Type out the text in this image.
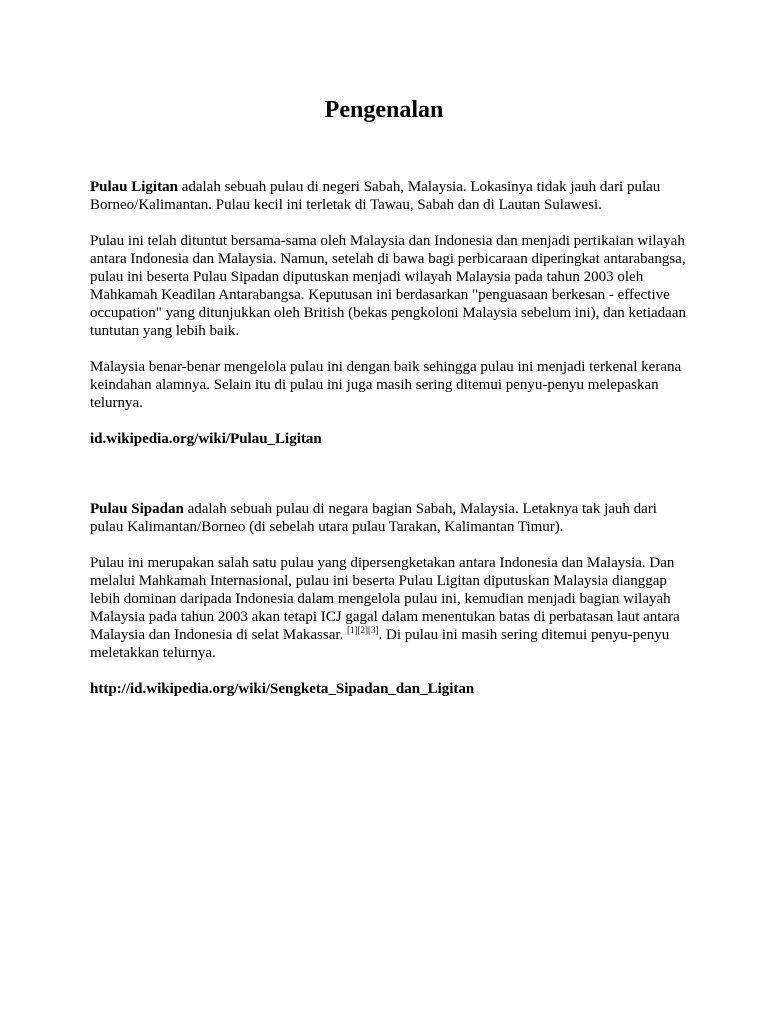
Pengenalan

Pulau Ligitan adalah sebuah pulau di negeri Sabah, Malaysia. Lokasinya tidak jauh dari pulau Borneo/Kalimantan. Pulau kecil ini terletak di Tawau, Sabah dan di Lautan Sulawesi.

Pulau ini telah dituntut bersama-sama oleh Malaysia dan Indonesia dan menjadi pertikaian wilayah antara Indonesia dan Malaysia. Namun, setelah di bawa bagi perbicaraan diperingkat antarabangsa, pulau ini beserta Pulau Sipadan diputuskan menjadi wilayah Malaysia pada tahun 2003 oleh Mahkamah Keadilan Antarabangsa. Keputusan ini berdasarkan "penguasaan berkesan - effective occupation" yang ditunjukkan oleh British (bekas pengkoloni Malaysia sebelum ini), dan ketiadaan tuntutan yang lebih baik.

Malaysia benar-benar mengelola pulau ini dengan baik sehingga pulau ini menjadi terkenal kerana keindahan alamnya. Selain itu di pulau ini juga masih sering ditemui penyu-penyu melepaskan telurnya.

id.wikipedia.org/wiki/Pulau_Ligitan

Pulau Sipadan adalah sebuah pulau di negara bagian Sabah, Malaysia. Letaknya tak jauh dari pulau Kalimantan/Borneo (di sebelah utara pulau Tarakan, Kalimantan Timur).

Pulau ini merupakan salah satu pulau yang dipersengketakan antara Indonesia dan Malaysia. Dan melalui Mahkamah Internasional, pulau ini beserta Pulau Ligitan diputuskan Malaysia dianggap lebih dominan daripada Indonesia dalam mengelola pulau ini, kemudian menjadi bagian wilayah Malaysia pada tahun 2003 akan tetapi ICJ gagal dalam menentukan batas di perbatasan laut antara Malaysia dan Indonesia di selat Makassar. [1][2][3]. Di pulau ini masih sering ditemui penyu-penyu meletakkan telurnya.

http://id.wikipedia.org/wiki/Sengketa_Sipadan_dan_Ligitan
